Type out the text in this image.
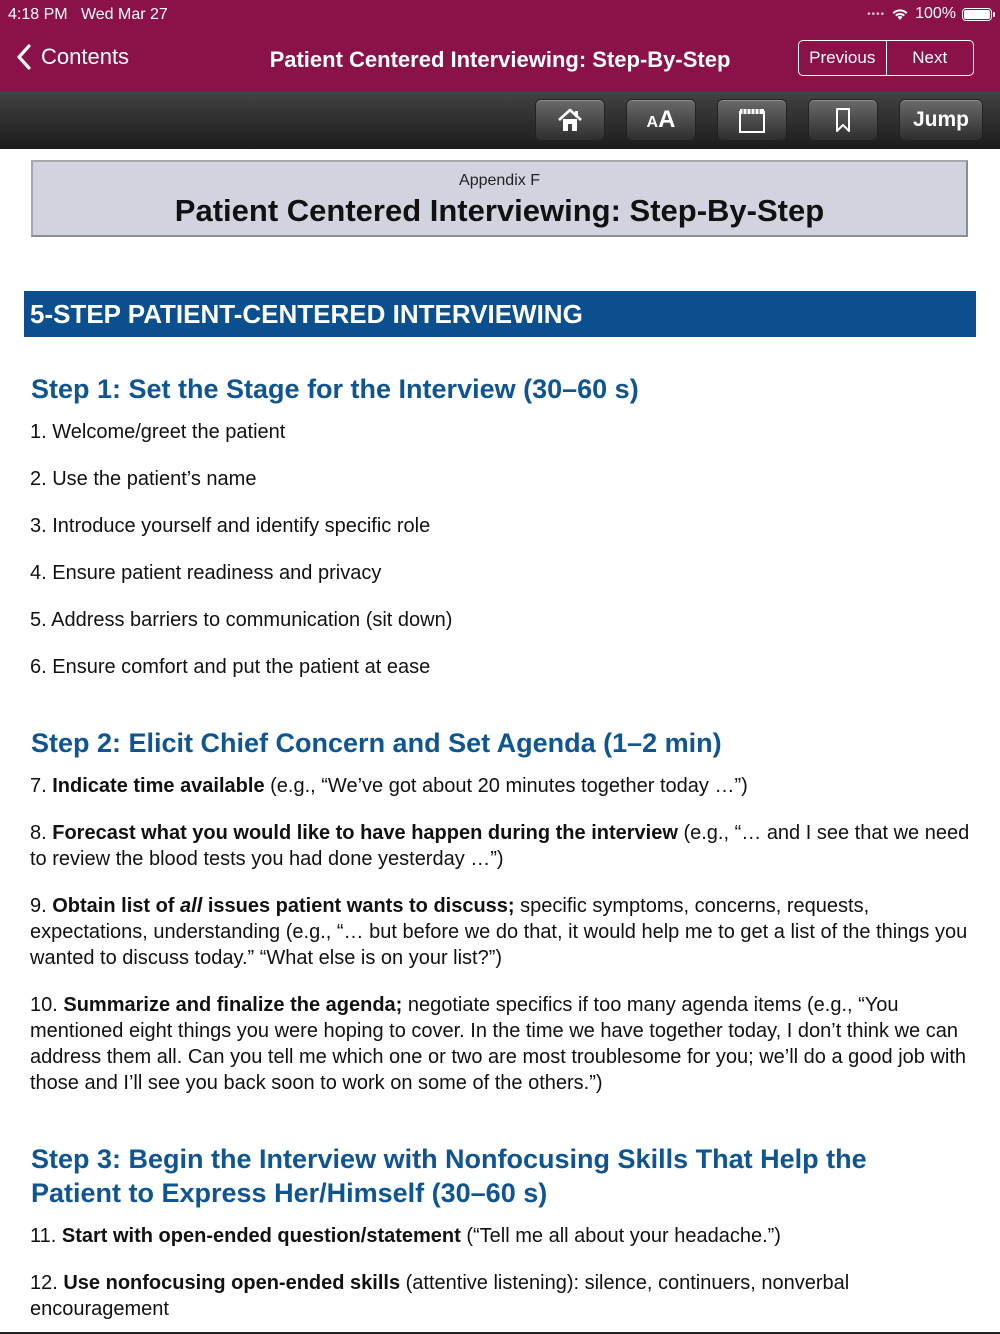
4:18 PM Wed Mar 27	•••• 100%
Contents	Patient Centered Interviewing: Step-By-Step	Previous	Next
AA	Jump
Appendix F
Patient Centered Interviewing: Step-By-Step
5-STEP PATIENT-CENTERED INTERVIEWING
Step 1: Set the Stage for the Interview (30–60 s)
1. Welcome/greet the patient
2. Use the patient’s name
3. Introduce yourself and identify specific role
4. Ensure patient readiness and privacy
5. Address barriers to communication (sit down)
6. Ensure comfort and put the patient at ease
Step 2: Elicit Chief Concern and Set Agenda (1–2 min)
7. Indicate time available (e.g., “We’ve got about 20 minutes together today …”)
8. Forecast what you would like to have happen during the interview (e.g., “… and I see that we need to review the blood tests you had done yesterday …”)
9. Obtain list of all issues patient wants to discuss; specific symptoms, concerns, requests, expectations, understanding (e.g., “… but before we do that, it would help me to get a list of the things you wanted to discuss today.” “What else is on your list?”)
10. Summarize and finalize the agenda; negotiate specifics if too many agenda items (e.g., “You mentioned eight things you were hoping to cover. In the time we have together today, I don’t think we can address them all. Can you tell me which one or two are most troublesome for you; we’ll do a good job with those and I’ll see you back soon to work on some of the others.”)
Step 3: Begin the Interview with Nonfocusing Skills That Help the
Patient to Express Her/Himself (30–60 s)
11. Start with open-ended question/statement (“Tell me all about your headache.”)
12. Use nonfocusing open-ended skills (attentive listening): silence, continuers, nonverbal encouragement
